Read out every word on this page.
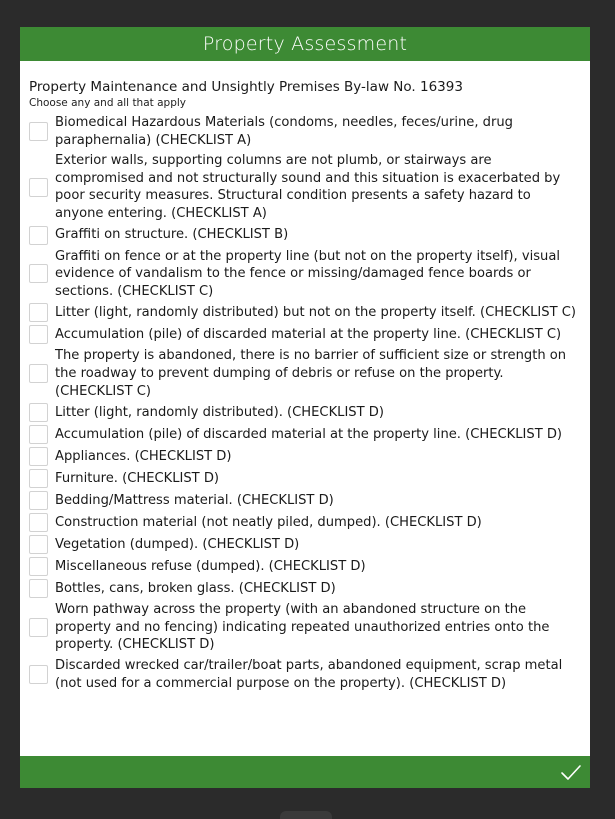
Property Assessment
Property Maintenance and Unsightly Premises By-law No. 16393
Choose any and all that apply
Biomedical Hazardous Materials (condoms, needles, feces/urine, drug paraphernalia) (CHECKLIST A)
Exterior walls, supporting columns are not plumb, or stairways are compromised and not structurally sound and this situation is exacerbated by poor security measures. Structural condition presents a safety hazard to anyone entering. (CHECKLIST A)
Graffiti on structure. (CHECKLIST B)
Graffiti on fence or at the property line (but not on the property itself), visual evidence of vandalism to the fence or missing/damaged fence boards or sections. (CHECKLIST C)
Litter (light, randomly distributed) but not on the property itself. (CHECKLIST C)
Accumulation (pile) of discarded material at the property line. (CHECKLIST C)
The property is abandoned, there is no barrier of sufficient size or strength on the roadway to prevent dumping of debris or refuse on the property. (CHECKLIST C)
Litter (light, randomly distributed). (CHECKLIST D)
Accumulation (pile) of discarded material at the property line. (CHECKLIST D)
Appliances. (CHECKLIST D)
Furniture. (CHECKLIST D)
Bedding/Mattress material. (CHECKLIST D)
Construction material (not neatly piled, dumped). (CHECKLIST D)
Vegetation (dumped). (CHECKLIST D)
Miscellaneous refuse (dumped). (CHECKLIST D)
Bottles, cans, broken glass. (CHECKLIST D)
Worn pathway across the property (with an abandoned structure on the property and no fencing) indicating repeated unauthorized entries onto the property. (CHECKLIST D)
Discarded wrecked car/trailer/boat parts, abandoned equipment, scrap metal (not used for a commercial purpose on the property). (CHECKLIST D)
